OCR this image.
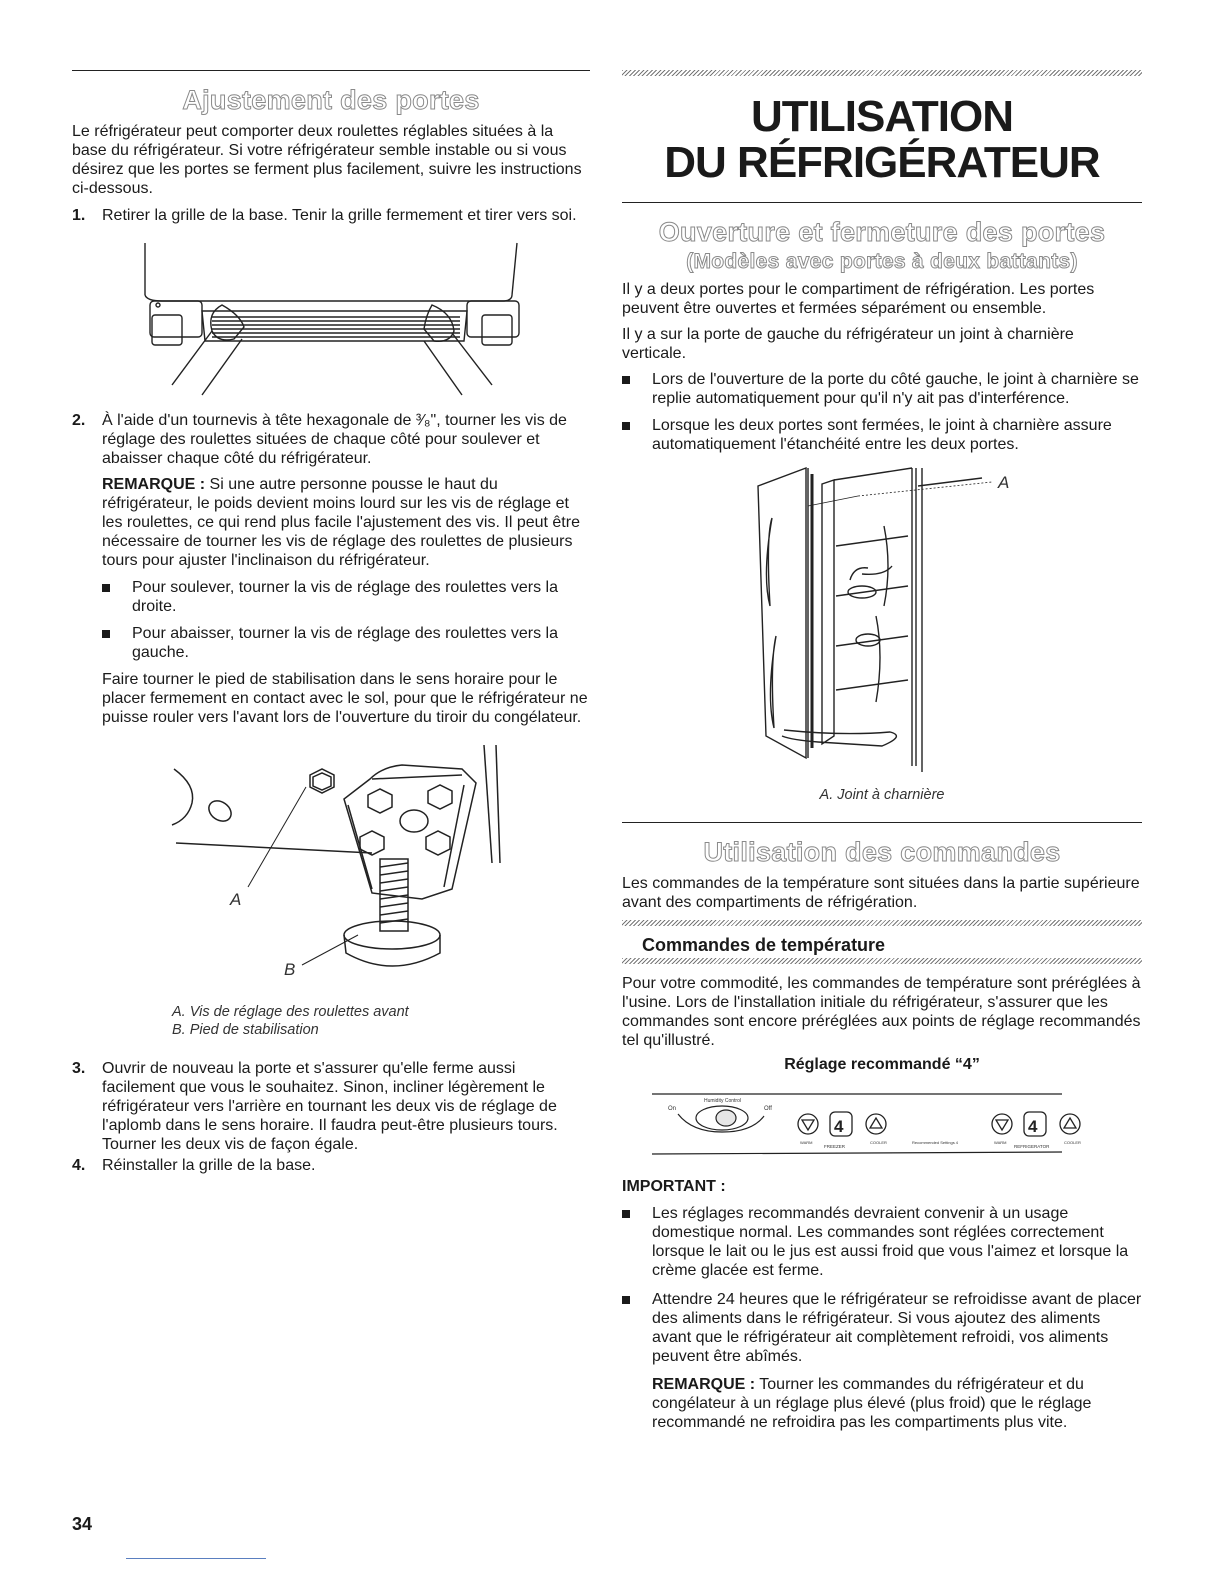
Ajustement des portes

Le réfrigérateur peut comporter deux roulettes réglables situées à la base du réfrigérateur. Si votre réfrigérateur semble instable ou si vous désirez que les portes se ferment plus facilement, suivre les instructions ci-dessous.

1.	Retirer la grille de la base. Tenir la grille fermement et tirer vers soi.
2.	À l'aide d'un tournevis à tête hexagonale de ³⁄₈", tourner les vis de réglage des roulettes situées de chaque côté pour soulever et abaisser chaque côté du réfrigérateur.

REMARQUE : Si une autre personne pousse le haut du réfrigérateur, le poids devient moins lourd sur les vis de réglage et les roulettes, ce qui rend plus facile l'ajustement des vis. Il peut être nécessaire de tourner les vis de réglage des roulettes de plusieurs tours pour ajuster l'inclinaison du réfrigérateur.

Pour soulever, tourner la vis de réglage des roulettes vers la droite.
Pour abaisser, tourner la vis de réglage des roulettes vers la gauche.

Faire tourner le pied de stabilisation dans le sens horaire pour le placer fermement en contact avec le sol, pour que le réfrigérateur ne puisse rouler vers l'avant lors de l'ouverture du tiroir du congélateur.

A
B
A. Vis de réglage des roulettes avant
B. Pied de stabilisation
3.	Ouvrir de nouveau la porte et s'assurer qu'elle ferme aussi facilement que vous le souhaitez. Sinon, incliner légèrement le réfrigérateur vers l'arrière en tournant les deux vis de réglage de l'aplomb dans le sens horaire. Il faudra peut-être plusieurs tours. Tourner les deux vis de façon égale.
4.	Réinstaller la grille de la base.
UTILISATION
DU RÉFRIGÉRATEUR
Ouverture et fermeture des portes
(Modèles avec portes à deux battants)

Il y a deux portes pour le compartiment de réfrigération. Les portes peuvent être ouvertes et fermées séparément ou ensemble.

Il y a sur la porte de gauche du réfrigérateur un joint à charnière verticale.

Lors de l'ouverture de la porte du côté gauche, le joint à charnière se replie automatiquement pour qu'il n'y ait pas d'interférence.
Lorsque les deux portes sont fermées, le joint à charnière assure automatiquement l'étanchéité entre les deux portes.
A
A. Joint à charnière
Utilisation des commandes

Les commandes de la température sont situées dans la partie supérieure avant des compartiments de réfrigération.

Commandes de température

Pour votre commodité, les commandes de température sont préréglées à l'usine. Lors de l'installation initiale du réfrigérateur, s'assurer que les commandes sont encore préréglées aux points de réglage recommandés tel qu'illustré.

Réglage recommandé “4”
Humidity Control
On	Off
4	4
FREEZER
WARM	COOLER	Recommended Settings 4
REFRIGERATOR
WARM	COOLER
IMPORTANT :
Les réglages recommandés devraient convenir à un usage domestique normal. Les commandes sont réglées correctement lorsque le lait ou le jus est aussi froid que vous l'aimez et lorsque la crème glacée est ferme.
Attendre 24 heures que le réfrigérateur se refroidisse avant de placer des aliments dans le réfrigérateur. Si vous ajoutez des aliments avant que le réfrigérateur ait complètement refroidi, vos aliments peuvent être abîmés.

REMARQUE : Tourner les commandes du réfrigérateur et du congélateur à un réglage plus élevé (plus froid) que le réglage recommandé ne refroidira pas les compartiments plus vite.

34
